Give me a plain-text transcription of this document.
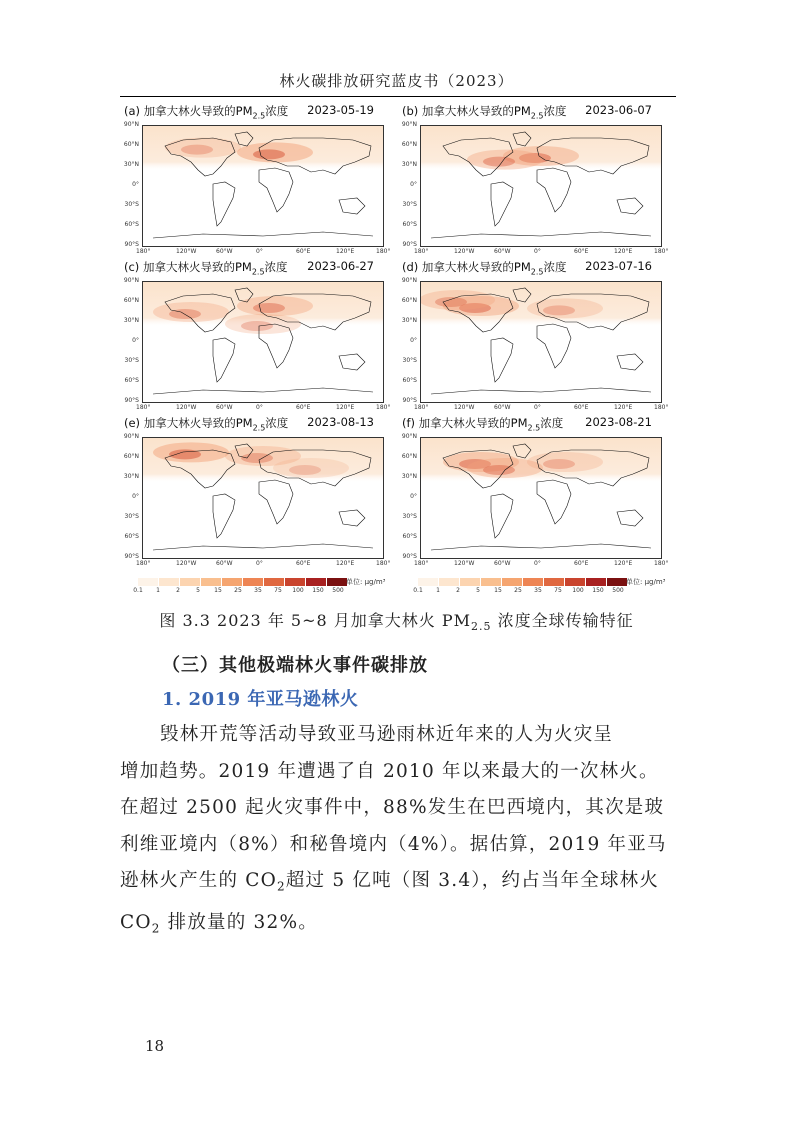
林火碳排放研究蓝皮书（2023）
(a) 加拿大林火导致的$PM_{2.5}$浓度 2023-05-19
90°N
60°N
30°N
0°
30°S
60°S
90°S
180°	120°W	60°W	0°	60°E	120°E	180°
(b) 加拿大林火导致的$PM_{2.5}$浓度 2023-06-07
90°N
60°N
30°N
0°
30°S
60°S
90°S
180°	120°W	60°W	0°	60°E	120°E	180°
(c) 加拿大林火导致的$PM_{2.5}$浓度 2023-06-27
90°N
60°N
30°N
0°
30°S
60°S
90°S
180°	120°W	60°W	0°	60°E	120°E	180°
(d) 加拿大林火导致的$PM_{2.5}$浓度 2023-07-16
90°N
60°N
30°N
0°
30°S
60°S
90°S
180°	120°W	60°W	0°	60°E	120°E	180°
(e) 加拿大林火导致的$PM_{2.5}$浓度 2023-08-13
90°N
60°N
30°N
0°
30°S
60°S
90°S
180°	120°W	60°W	0°	60°E	120°E	180°
(f) 加拿大林火导致的$PM_{2.5}$浓度 2023-08-21
90°N
60°N
30°N
0°
30°S
60°S
90°S
180°	120°W	60°W	0°	60°E	120°E	180°
0.1 1	2	5 15 25 35 75 100 150 500
单位: μg/m³
0.1 1	2	5 15 25 35 75 100 150 500
单位: μg/m³
图 3.3 2023 年 5~8 月加拿大林火 $PM_{2.5}$ 浓度全球传输特征
（三）其他极端林火事件碳排放
1. 2019 年亚马逊林火
毁林开荒等活动导致亚马逊雨林近年来的人为火灾呈
增加趋势。2019 年遭遇了自 2010 年以来最大的一次林火。
在超过 2500 起火灾事件中，88%发生在巴西境内，其次是玻
利维亚境内（8%）和秘鲁境内（4%）。据估算，2019 年亚马
逊林火产生的 $CO_2$超过 5 亿吨（图 3.4），约占当年全球林火
$CO_2$ 排放量的 32%。
18
